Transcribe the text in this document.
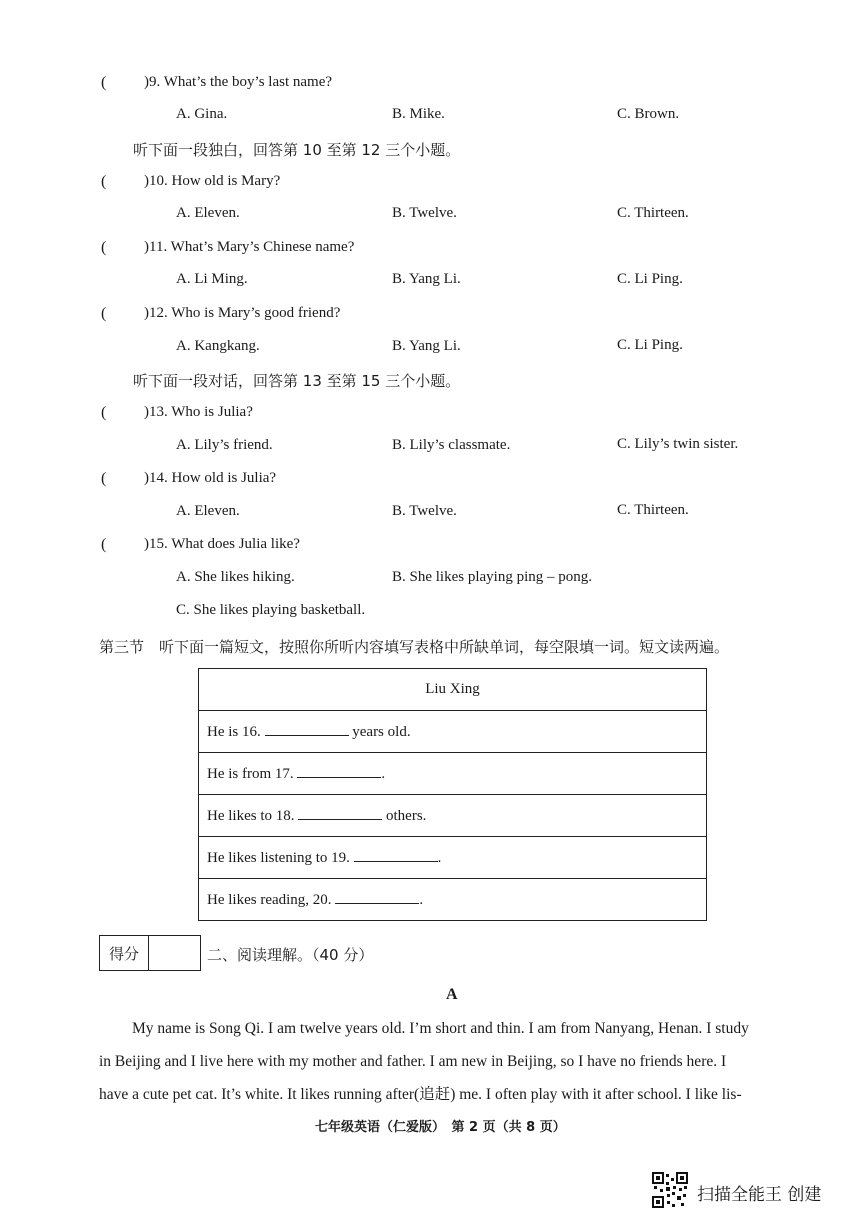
(	)9. What’s the boy’s last name?
A. Gina.	B. Mike.	C. Brown.
听下面一段独白，回答第 10 至第 12 三个小题。
(	)10. How old is Mary?
A. Eleven.	B. Twelve.	C. Thirteen.
(	)11. What’s Mary’s Chinese name?
A. Li Ming.	B. Yang Li.	C. Li Ping.
(	)12. Who is Mary’s good friend?
A. Kangkang.	B. Yang Li.	C. Li Ping.
听下面一段对话，回答第 13 至第 15 三个小题。
(	)13. Who is Julia?
A. Lily’s friend.	B. Lily’s classmate.	C. Lily’s twin sister.
(	)14. How old is Julia?
A. Eleven.	B. Twelve.	C. Thirteen.
(	)15. What does Julia like?
A. She likes hiking.	B. She likes playing ping – pong.
C. She likes playing basketball.
第三节　听下面一篇短文，按照你所听内容填写表格中所缺单词，每空限填一词。短文读两遍。
Liu Xing
He is 16.	years old.
He is from 17.	.
He likes to 18.	others.
He likes listening to 19.	.
He likes reading, 20.	.
得分	二、阅读理解。（40 分）
A
My name is Song Qi. I am twelve years old. I’m short and thin. I am from Nanyang, Henan. I study
in Beijing and I live here with my mother and father. I am new in Beijing, so I have no friends here. I
have a cute pet cat. It’s white. It likes running after(追赶) me. I often play with it after school. I like lis-
七年级英语（仁爱版）　第 2 页（共 8 页）
扫描全能王 创建
